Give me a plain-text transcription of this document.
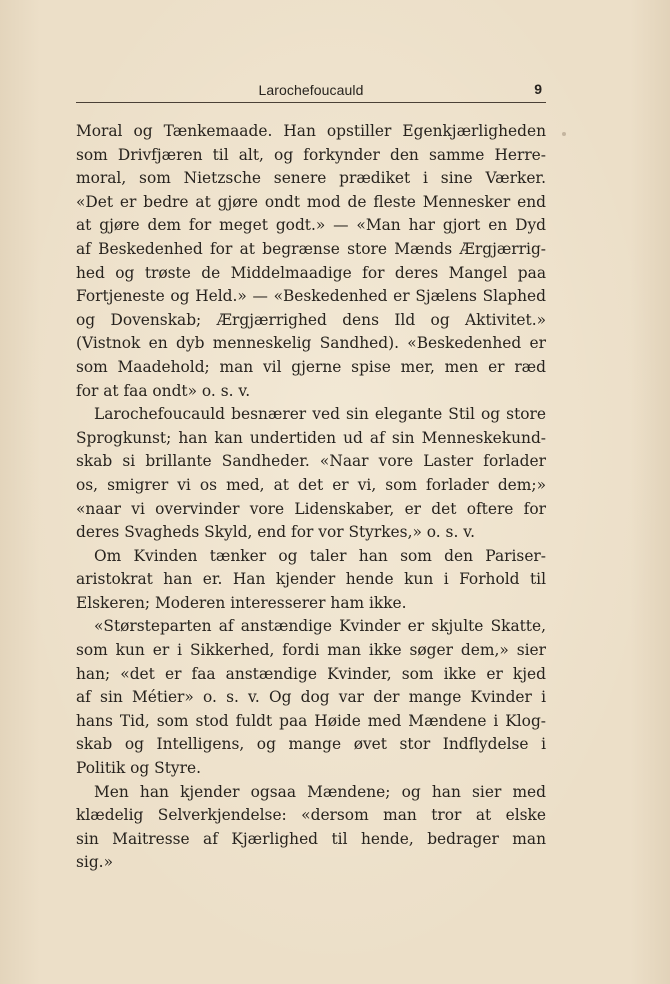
Larochefoucauld	9
Moral og Tænkemaade. Han opstiller Egenkjærligheden
som Drivfjæren til alt, og forkynder den samme Herre-
moral, som Nietzsche senere prædiket i sine Værker.
«Det er bedre at gjøre ondt mod de fleste Mennesker end
at gjøre dem for meget godt.» — «Man har gjort en Dyd
af Beskedenhed for at begrænse store Mænds Ærgjærrig-
hed og trøste de Middelmaadige for deres Mangel paa
Fortjeneste og Held.» — «Beskedenhed er Sjælens Slaphed
og Dovenskab; Ærgjærrighed dens Ild og Aktivitet.»
(Vistnok en dyb menneskelig Sandhed). «Beskedenhed er
som Maadehold; man vil gjerne spise mer, men er ræd
for at faa ondt» o. s. v.
Larochefoucauld besnærer ved sin elegante Stil og store
Sprogkunst; han kan undertiden ud af sin Menneskekund-
skab si brillante Sandheder. «Naar vore Laster forlader
os, smigrer vi os med, at det er vi, som forlader dem;»
«naar vi overvinder vore Lidenskaber, er det oftere for
deres Svagheds Skyld, end for vor Styrkes,» o. s. v.
Om Kvinden tænker og taler han som den Pariser-
aristokrat han er. Han kjender hende kun i Forhold til
Elskeren; Moderen interesserer ham ikke.
«Størsteparten af anstændige Kvinder er skjulte Skatte,
som kun er i Sikkerhed, fordi man ikke søger dem,» sier
han; «det er faa anstændige Kvinder, som ikke er kjed
af sin Métier» o. s. v. Og dog var der mange Kvinder i
hans Tid, som stod fuldt paa Høide med Mændene i Klog-
skab og Intelligens, og mange øvet stor Indflydelse i
Politik og Styre.
Men han kjender ogsaa Mændene; og han sier med
klædelig Selverkjendelse: «dersom man tror at elske
sin Maitresse af Kjærlighed til hende, bedrager man
sig.»
